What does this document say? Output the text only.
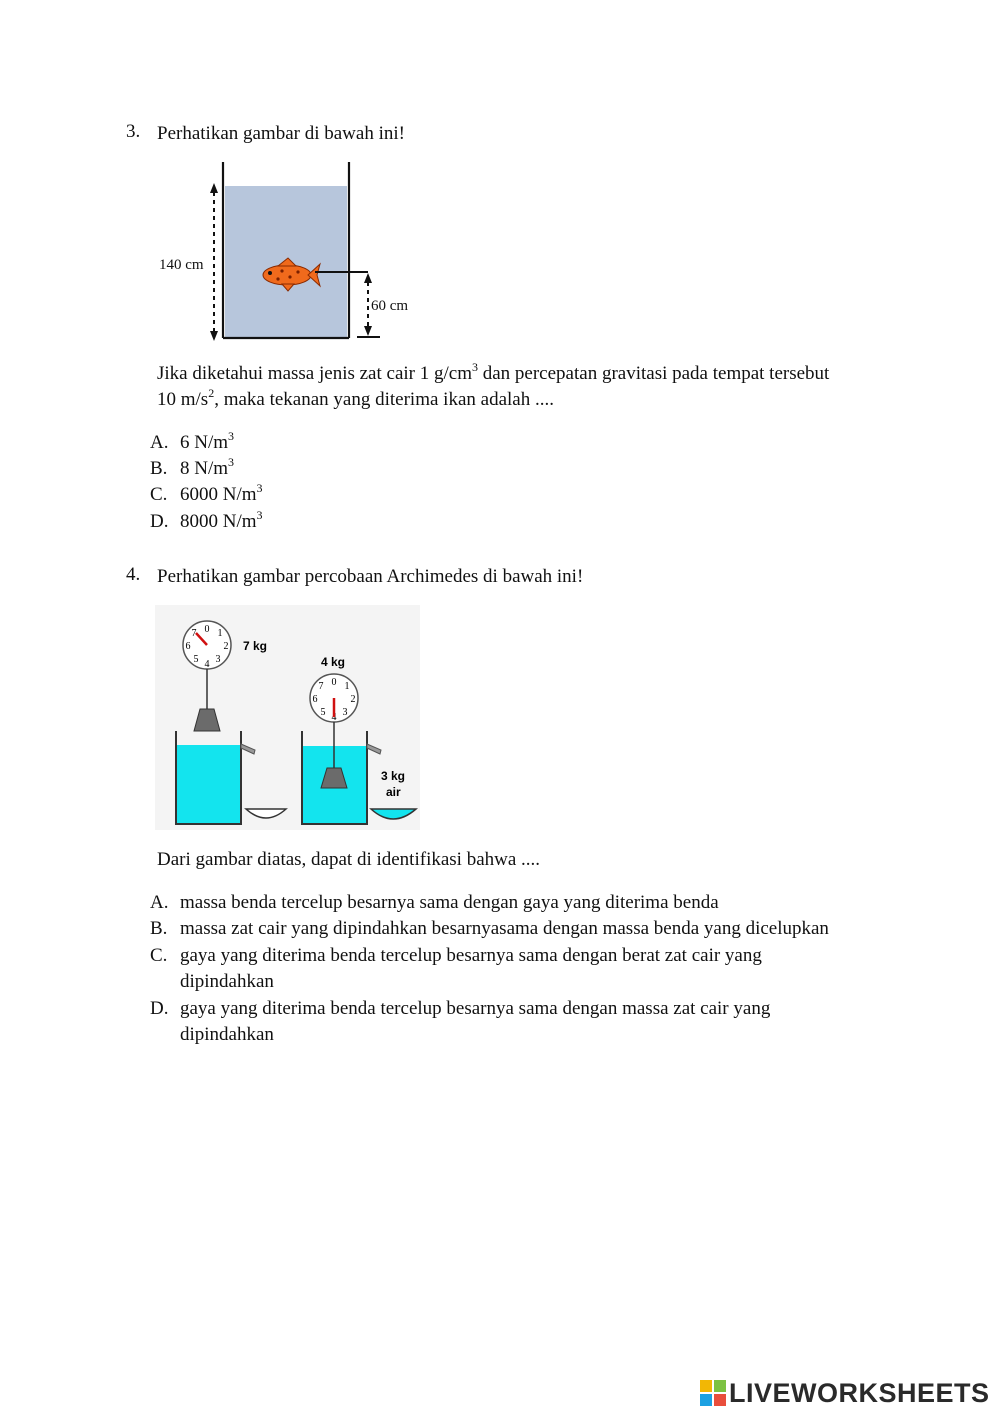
3. Perhatikan gambar di bawah ini!
140 cm
60 cm
Jika diketahui massa jenis zat cair 1 $g/cm^3$ dan percepatan gravitasi pada tempat tersebut
10 $m/s^2$, maka tekanan yang diterima ikan adalah ....
A. 6 $N/m^3$
B. 8 $N/m^3$
C. 6000 $N/m^3$
D. 8000 $N/m^3$
4. Perhatikan gambar percobaan Archimedes di bawah ini!
0 1
2
3
4
5
6
7
7 kg
4 kg
0 1
2
3
4
5
6
7
3 kg
air
Dari gambar diatas, dapat di identifikasi bahwa ....
A. massa benda tercelup besarnya sama dengan gaya yang diterima benda
B. massa zat cair yang dipindahkan besarnyasama dengan massa benda yang dicelupkan
C. gaya yang diterima benda tercelup besarnya sama dengan berat zat cair yang
dipindahkan
D. gaya yang diterima benda tercelup besarnya sama dengan massa zat cair yang
dipindahkan
LIVEWORKSHEETS
